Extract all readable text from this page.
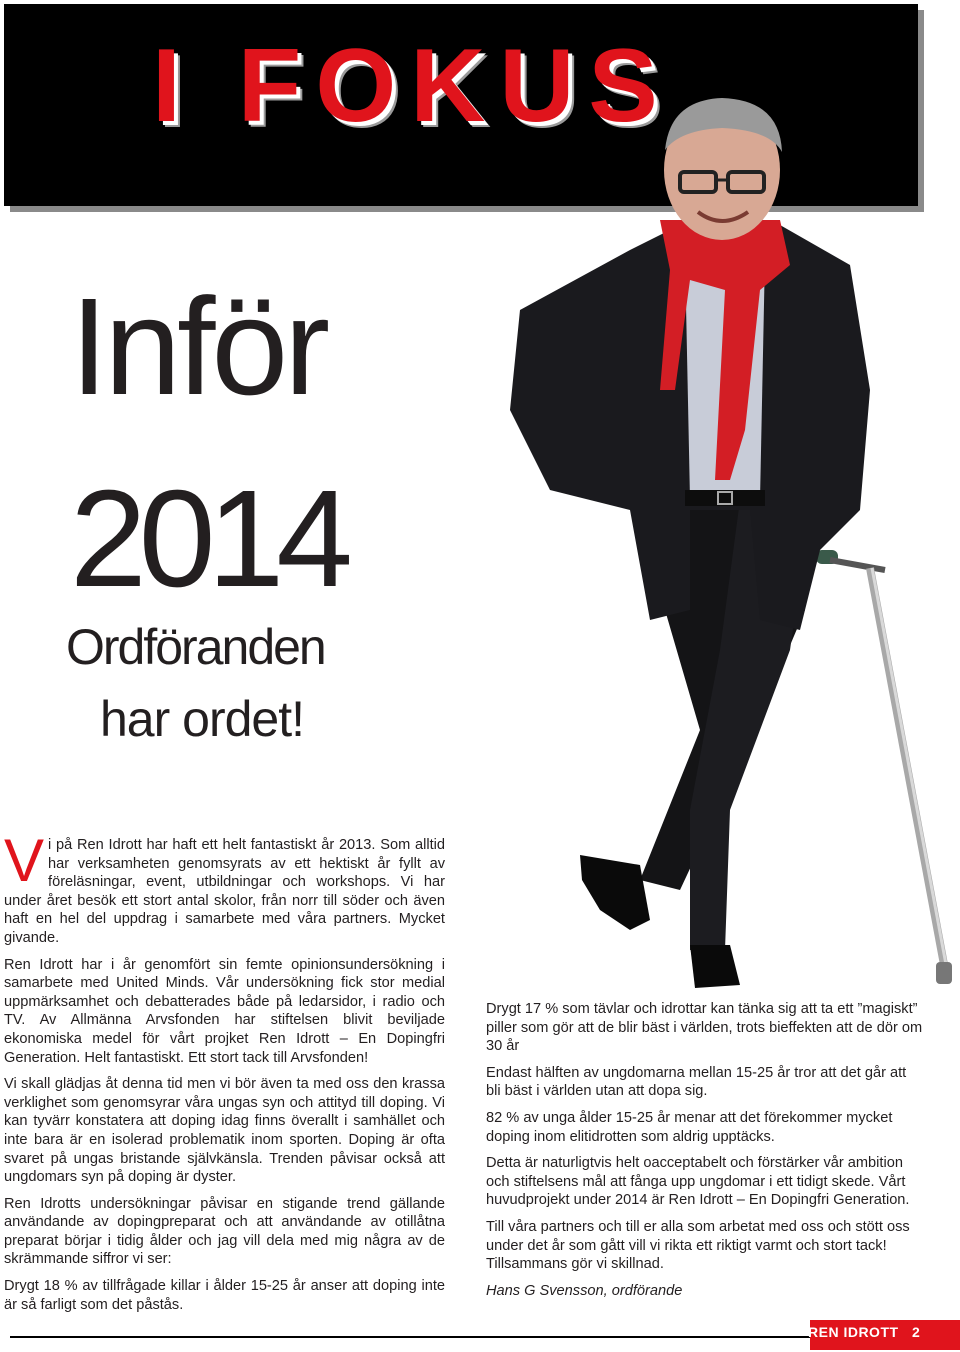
I FOKUS
Inför
2014
Ordföranden
har ordet!

Vi på Ren Idrott har haft ett helt fantastiskt år 2013. Som alltid har verksamheten genomsyrats av ett hektiskt år fyllt av föreläsningar, event, utbildningar och workshops. Vi har under året besök ett stort antal skolor, från norr till söder och även haft en hel del uppdrag i samarbete med våra partners. Mycket givande.

Ren Idrott har i år genomfört sin femte opinionsundersökning i samarbete med United Minds. Vår undersökning fick stor medial uppmärksamhet och debatterades både på ledarsidor, i radio och TV. Av Allmänna Arvsfonden har stiftelsen blivit beviljade ekonomiska medel för vårt projket Ren Idrott – En Dopingfri Generation. Helt fantastiskt. Ett stort tack till Arvsfonden!

Vi skall glädjas åt denna tid men vi bör även ta med oss den krassa verklighet som genomsyrar våra ungas syn och attityd till doping. Vi kan tyvärr konstatera att doping idag finns överallt i samhället och inte bara är en isolerad problematik inom sporten. Doping är ofta svaret på ungas bristande självkänsla. Trenden påvisar också att ungdomars syn på doping är dyster.

Ren Idrotts undersökningar påvisar en stigande trend gällande användande av dopingpreparat och att användande av otillåtna preparat börjar i tidig ålder och jag vill dela med mig några av de skrämmande siffror vi ser:

Drygt 18 % av tillfrågade killar i ålder 15-25 år anser att doping inte är så farligt som det påstås.

Drygt 17 % som tävlar och idrottar kan tänka sig att ta ett ”magiskt” piller som gör att de blir bäst i världen, trots bieffekten att de dör om 30 år

Endast hälften av ungdomarna mellan 15-25 år tror att det går att bli bäst i världen utan att dopa sig.

82 % av unga ålder 15-25 år menar att det förekommer mycket doping inom elitidrotten som aldrig upptäcks.

Detta är naturligtvis helt oacceptabelt och förstärker vår ambition och stiftelsens mål att fånga upp ungdomar i ett tidigt skede. Vårt huvudprojekt under 2014 är Ren Idrott – En Dopingfri Generation.

Till våra partners och till er alla som arbetat med oss och stött oss under det år som gått vill vi rikta ett riktigt varmt och stort tack! Tillsammans gör vi skillnad.

Hans G Svensson, ordförande

REN IDROTT 2
